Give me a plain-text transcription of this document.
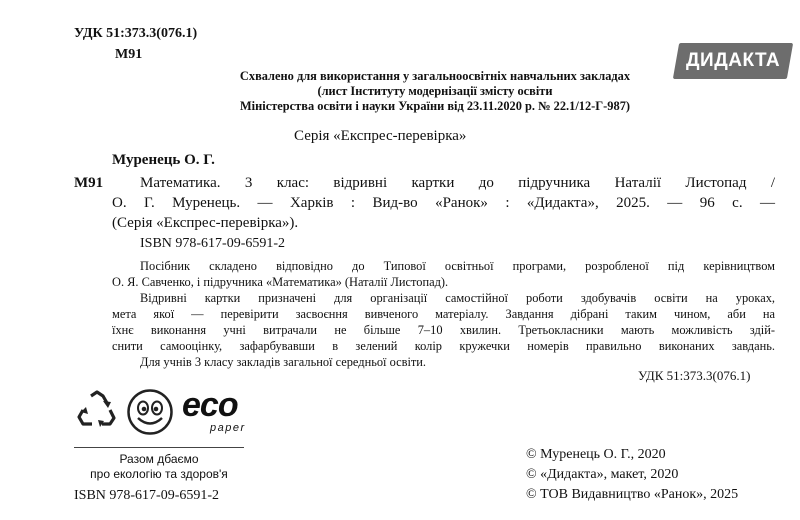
УДК 51:373.3(076.1)
М91	ДИДАКТА
Схвалено для використання у загальноосвітніх навчальних закладах
(лист Інституту модернізації змісту освіти
Міністерства освіти і науки України від 23.11.2020 р. № 22.1/12-Г-987)
Серія «Експрес-перевірка»
Муренець О. Г.
М91 Математика. 3 клас: відривні картки до підручника Наталії Листопад /
О. Г. Муренець. — Харків : Вид-во «Ранок» : «Дидакта», 2025. — 96 с. —
(Серія «Експрес-перевірка»).
ISBN 978-617-09-6591-2
Посібник складено відповідно до Типової освітньої програми, розробленої під керівництвом
О. Я. Савченко, і підручника «Математика» (Наталії Листопад).
Відривні картки призначені для організації самостійної роботи здобувачів освіти на уроках,
мета якої — перевірити засвоєння вивченого матеріалу. Завдання дібрані таким чином, аби на
їхнє виконання учні витрачали не більше 7–10 хвилин. Третьокласники мають можливість здій-
снити самооцінку, зафарбувавши в зелений колір кружечки номерів правильно виконаних завдань.
Для учнів 3 класу закладів загальної середньої освіти.
УДК 51:373.3(076.1)
eco
paper
Разом дбаємо
про екологію та здоров'я
ISBN 978-617-09-6591-2
© Муренець О. Г., 2020
© «Дидакта», макет, 2020
© ТОВ Видавництво «Ранок», 2025
